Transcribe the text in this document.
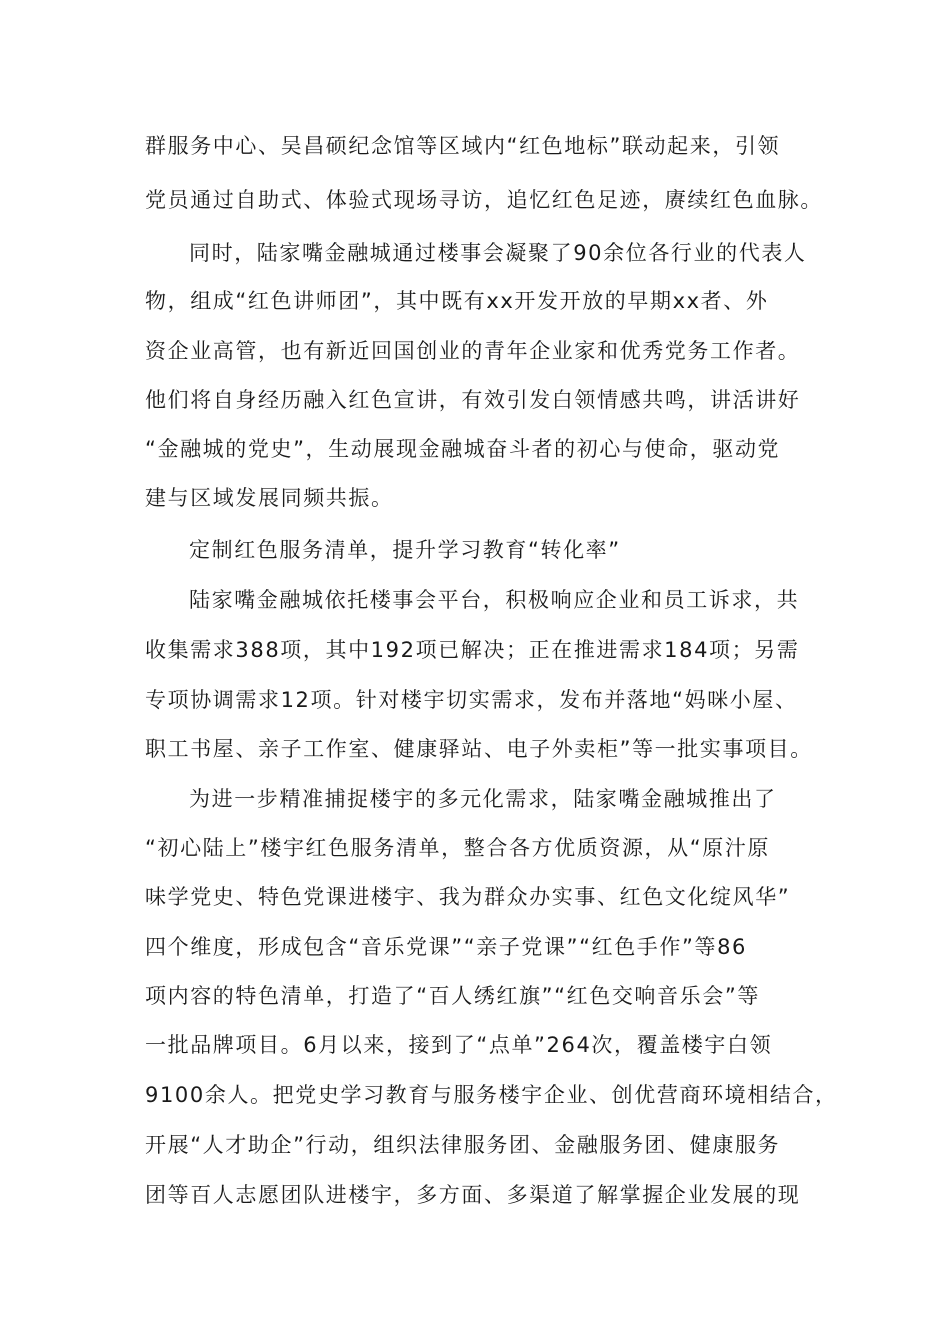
群服务中心、吴昌硕纪念馆等区域内“红色地标”联动起来，引领
党员通过自助式、体验式现场寻访，追忆红色足迹，赓续红色血脉。
同时，陆家嘴金融城通过楼事会凝聚了90余位各行业的代表人
物，组成“红色讲师团”，其中既有xx开发开放的早期xx者、外
资企业高管，也有新近回国创业的青年企业家和优秀党务工作者。
他们将自身经历融入红色宣讲，有效引发白领情感共鸣，讲活讲好
“金融城的党史”，生动展现金融城奋斗者的初心与使命，驱动党
建与区域发展同频共振。
定制红色服务清单，提升学习教育“转化率”
陆家嘴金融城依托楼事会平台，积极响应企业和员工诉求，共
收集需求388项，其中192项已解决；正在推进需求184项；另需
专项协调需求12项。针对楼宇切实需求，发布并落地“妈咪小屋、
职工书屋、亲子工作室、健康驿站、电子外卖柜”等一批实事项目。
为进一步精准捕捉楼宇的多元化需求，陆家嘴金融城推出了
“初心陆上”楼宇红色服务清单，整合各方优质资源，从“原汁原
味学党史、特色党课进楼宇、我为群众办实事、红色文化绽风华”
四个维度，形成包含“音乐党课”“亲子党课”“红色手作”等86
项内容的特色清单，打造了“百人绣红旗”“红色交响音乐会”等
一批品牌项目。6月以来，接到了“点单”264次，覆盖楼宇白领
9100余人。把党史学习教育与服务楼宇企业、创优营商环境相结合，
开展“人才助企”行动，组织法律服务团、金融服务团、健康服务
团等百人志愿团队进楼宇，多方面、多渠道了解掌握企业发展的现
